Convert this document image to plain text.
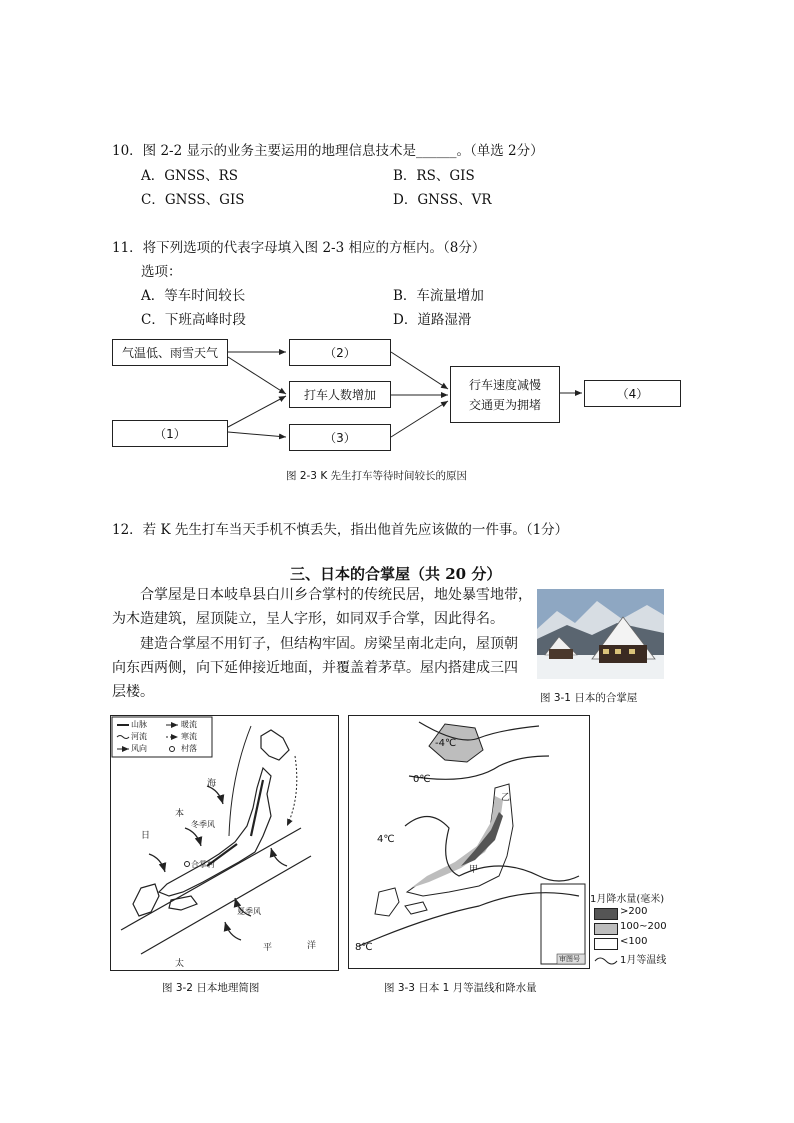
10．图 2-2 显示的业务主要运用的地理信息技术是______。（单选 2分）
A．GNSS、RS	B．RS、GIS
C．GNSS、GIS	D．GNSS、VR
11．将下列选项的代表字母填入图 2-3 相应的方框内。（8分）
选项：
A．等车时间较长	B．车流量增加
C．下班高峰时段	D．道路湿滑
气温低、雨雪天气
（1）
（2）
打车人数增加
（3）
行车速度减慢
交通更为拥堵
（4）
图 2-3 K 先生打车等待时间较长的原因
12．若 K 先生打车当天手机不慎丢失，指出他首先应该做的一件事。（1分）
三、日本的合掌屋（共 20 分）
合掌屋是日本岐阜县白川乡合掌村的传统民居，地处暴雪地带，
为木造建筑，屋顶陡立，呈人字形，如同双手合掌，因此得名。
建造合掌屋不用钉子，但结构牢固。房梁呈南北走向，屋顶朝
向东西两侧，向下延伸接近地面，并覆盖着茅草。屋内搭建成三四
层楼。	图 3-1 日本的合掌屋
山脉	暖流
河流	寒流
风向	村落
海
本
日
冬季风
合掌村
夏季风
平	洋
太
图 3-2 日本地理简图
-4℃
0℃
4℃
8℃
乙
甲
审图号
1月降水量(毫米)
>200
100~200
<100
1月等温线
图 3-3 日本 1 月等温线和降水量
